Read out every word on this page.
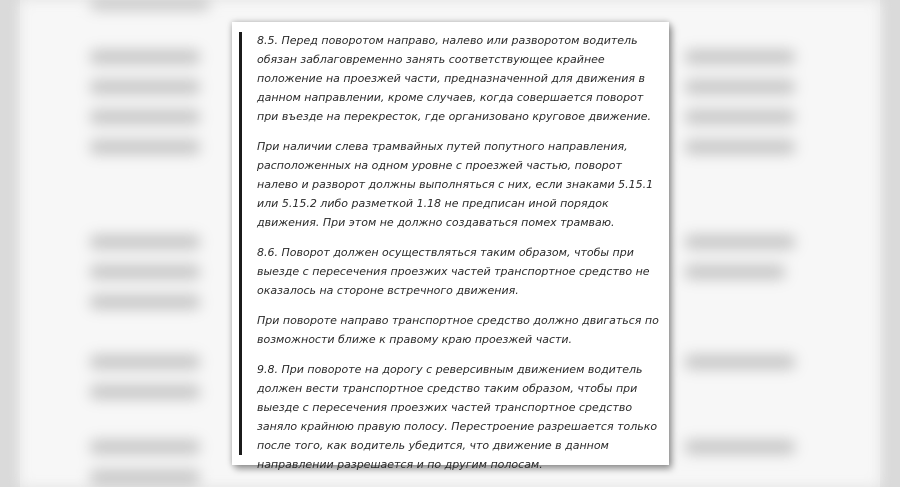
8.5. Перед поворотом направо, налево или разворотом водитель обязан заблаговременно занять соответствующее крайнее положение на проезжей части, предназначенной для движения в данном направлении, кроме случаев, когда совершается поворот при въезде на перекресток, где организовано круговое движение.

При наличии слева трамвайных путей попутного направления, расположенных на одном уровне с проезжей частью, поворот налево и разворот должны выполняться с них, если знаками 5.15.1 или 5.15.2 либо разметкой 1.18 не предписан иной порядок движения. При этом не должно создаваться помех трамваю.

8.6. Поворот должен осуществляться таким образом, чтобы при выезде с пересечения проезжих частей транспортное средство не оказалось на стороне встречного движения.

При повороте направо транспортное средство должно двигаться по возможности ближе к правому краю проезжей части.

9.8. При повороте на дорогу с реверсивным движением водитель должен вести транспортное средство таким образом, чтобы при выезде с пересечения проезжих частей транспортное средство заняло крайнюю правую полосу. Перестроение разрешается только после того, как водитель убедится, что движение в данном направлении разрешается и по другим полосам.
